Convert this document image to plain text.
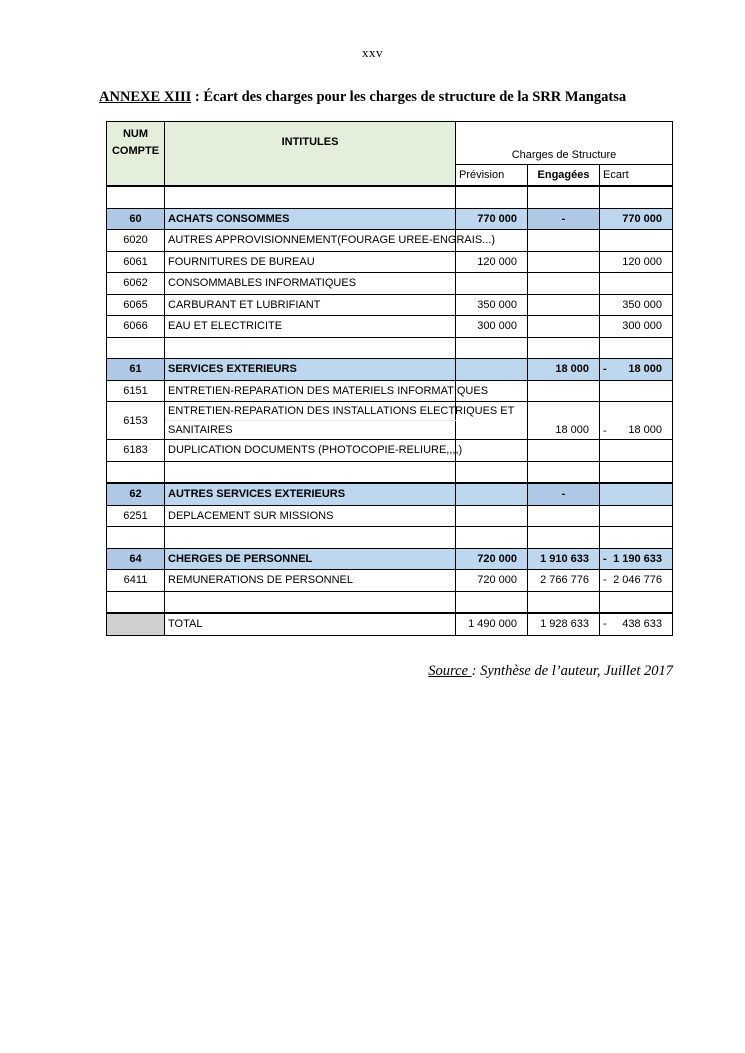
xxv
ANNEXE XIII : Écart des charges pour les charges de structure de la SRR Mangatsa
NUM
COMPTE	INTITULES	Charges de Structure		
		Prévision	Engagées	Ecart

60	ACHATS CONSOMMES	770 000	-	770 000
6020	AUTRES APPROVISIONNEMENT(FOURAGE UREE-ENGRAIS...)			
6061	FOURNITURES DE BUREAU	120 000		120 000
6062	CONSOMMABLES INFORMATIQUES			
6065	CARBURANT ET LUBRIFIANT	350 000		350 000
6066	EAU ET ELECTRICITE	300 000		300 000

61	SERVICES EXTERIEURS		18 000	- 18 000
6151	ENTRETIEN-REPARATION DES MATERIELS INFORMATIQUES			
6153	ENTRETIEN-REPARATION DES INSTALLATIONS ELECTRIQUES ET			
	SANITAIRES		18 000	- 18 000
6183	DUPLICATION DOCUMENTS (PHOTOCOPIE-RELIURE,,,,)			

62	AUTRES SERVICES EXTERIEURS		-	
6251	DEPLACEMENT SUR MISSIONS			

64	CHERGES DE PERSONNEL	720 000	1 910 633	- 1 190 633
6411	REMUNERATIONS DE PERSONNEL	720 000	2 766 776	- 2 046 776

	TOTAL	1 490 000	1 928 633	- 438 633
Source : Synthèse de l’auteur, Juillet 2017
